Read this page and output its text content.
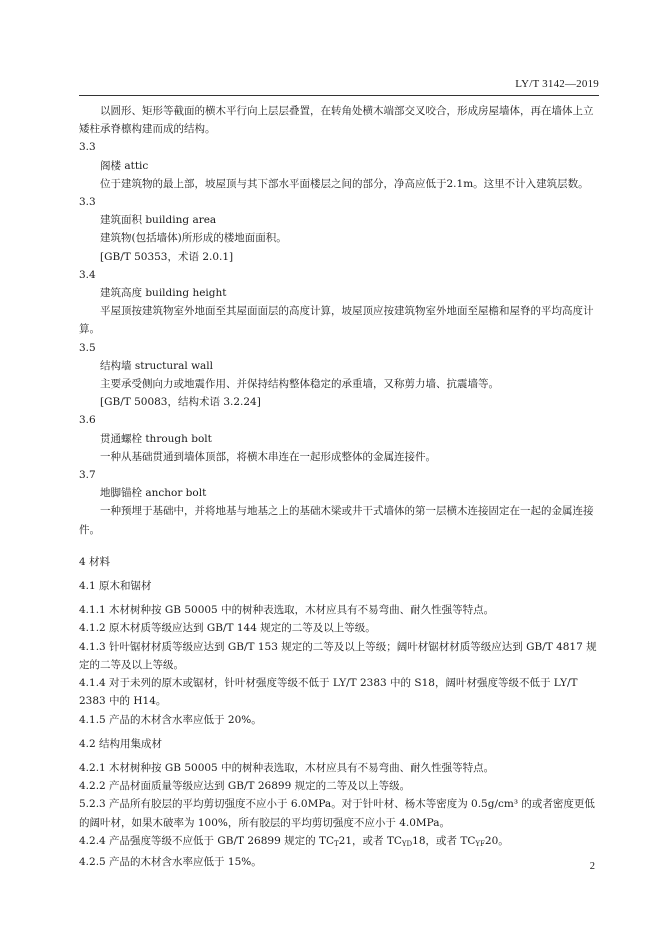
LY/T 3142—2019

以圆形、矩形等截面的横木平行向上层层叠置，在转角处横木端部交叉咬合，形成房屋墙体，再在墙体上立矮柱承脊檩构建而成的结构。

3.3

阁楼 attic

位于建筑物的最上部，坡屋顶与其下部水平面楼层之间的部分，净高应低于2.1m。这里不计入建筑层数。

3.3

建筑面积 building area

建筑物(包括墙体)所形成的楼地面面积。

[GB/T 50353，术语 2.0.1]

3.4

建筑高度 building height

平屋顶按建筑物室外地面至其屋面面层的高度计算，坡屋顶应按建筑物室外地面至屋檐和屋脊的平均高度计算。

3.5

结构墙 structural wall

主要承受侧向力或地震作用、并保持结构整体稳定的承重墙，又称剪力墙、抗震墙等。

[GB/T 50083，结构术语 3.2.24]

3.6

贯通螺栓 through bolt

一种从基础贯通到墙体顶部，将横木串连在一起形成整体的金属连接件。

3.7

地脚锚栓 anchor bolt

一种预埋于基础中，并将地基与地基之上的基础木梁或井干式墙体的第一层横木连接固定在一起的金属连接件。

4 材料

4.1 原木和锯材

4.1.1 木材树种按 GB 50005 中的树种表选取，木材应具有不易弯曲、耐久性强等特点。

4.1.2 原木材质等级应达到 GB/T 144 规定的二等及以上等级。

4.1.3 针叶锯材材质等级应达到 GB/T 153 规定的二等及以上等级；阔叶材锯材材质等级应达到 GB/T 4817 规定的二等及以上等级。

4.1.4 对于未列的原木或锯材，针叶材强度等级不低于 LY/T 2383 中的 S18，阔叶材强度等级不低于 LY/T 2383 中的 H14。

4.1.5 产品的木材含水率应低于 20%。

4.2 结构用集成材

4.2.1 木材树种按 GB 50005 中的树种表选取，木材应具有不易弯曲、耐久性强等特点。

4.2.2 产品材面质量等级应达到 GB/T 26899 规定的二等及以上等级。

5.2.3 产品所有胶层的平均剪切强度不应小于 6.0MPa。对于针叶材、杨木等密度为 0.5g/cm³ 的或者密度更低的阔叶材，如果木破率为 100%，所有胶层的平均剪切强度不应小于 4.0MPa。

4.2.4 产品强度等级不应低于 GB/T 26899 规定的 $TC_T21$，或者 $TC_{YD}18$，或者 $TC_{YF}20$。

4.2.5 产品的木材含水率应低于 15%。	2
